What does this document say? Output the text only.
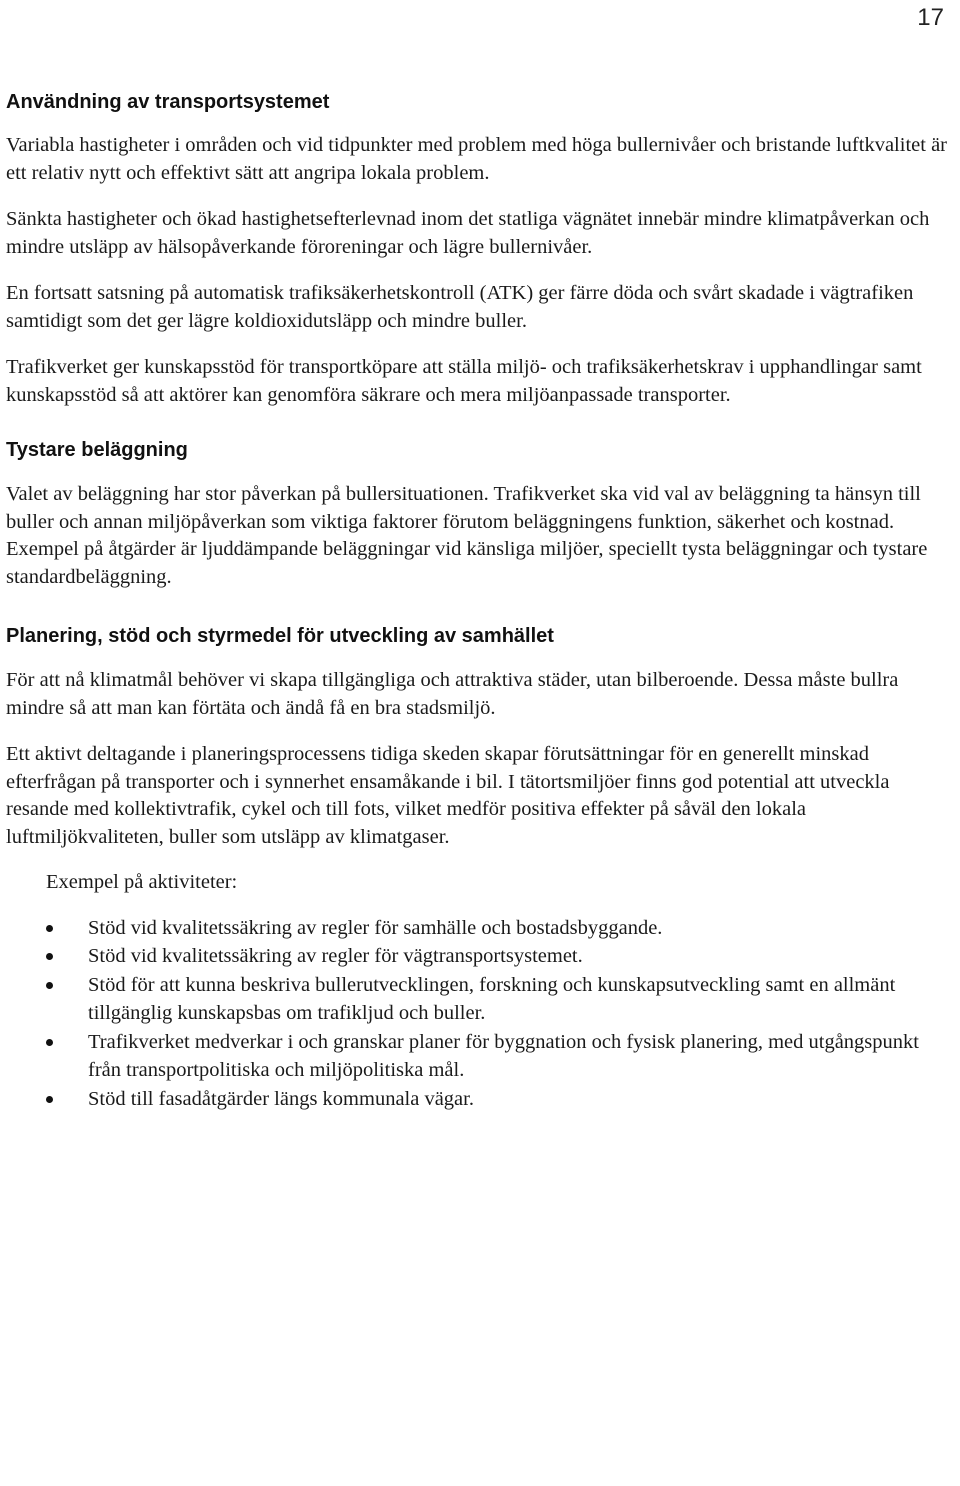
17
Användning av transportsystemet

Variabla hastigheter i områden och vid tidpunkter med problem med höga bullernivåer och bristande luftkvalitet är ett relativ nytt och effektivt sätt att angripa lokala problem.

Sänkta hastigheter och ökad hastighetsefterlevnad inom det statliga vägnätet innebär mindre klimatpåverkan och mindre utsläpp av hälsopåverkande föroreningar och lägre bullernivåer.

En fortsatt satsning på automatisk trafiksäkerhetskontroll (ATK) ger färre döda och svårt skadade i vägtrafiken samtidigt som det ger lägre koldioxidutsläpp och mindre buller.

Trafikverket ger kunskapsstöd för transportköpare att ställa miljö- och trafiksäkerhetskrav i upphandlingar samt kunskapsstöd så att aktörer kan genomföra säkrare och mera miljöanpassade transporter.

Tystare beläggning

Valet av beläggning har stor påverkan på bullersituationen. Trafikverket ska vid val av beläggning ta hänsyn till buller och annan miljöpåverkan som viktiga faktorer förutom beläggningens funktion, säkerhet och kostnad. Exempel på åtgärder är ljuddämpande beläggningar vid känsliga miljöer, speciellt tysta beläggningar och tystare standardbeläggning.

Planering, stöd och styrmedel för utveckling av samhället

För att nå klimatmål behöver vi skapa tillgängliga och attraktiva städer, utan bilberoende. Dessa måste bullra mindre så att man kan förtäta och ändå få en bra stadsmiljö.

Ett aktivt deltagande i planeringsprocessens tidiga skeden skapar förutsättningar för en generellt minskad efterfrågan på transporter och i synnerhet ensamåkande i bil. I tätortsmiljöer finns god potential att utveckla resande med kollektivtrafik, cykel och till fots, vilket medför positiva effekter på såväl den lokala luftmiljökvaliteten, buller som utsläpp av klimatgaser.

Exempel på aktiviteter:

Stöd vid kvalitetssäkring av regler för samhälle och bostadsbyggande.
Stöd vid kvalitetssäkring av regler för vägtransportsystemet.
Stöd för att kunna beskriva bullerutvecklingen, forskning och kunskapsutveckling samt en allmänt tillgänglig kunskapsbas om trafikljud och buller.
Trafikverket medverkar i och granskar planer för byggnation och fysisk planering, med utgångspunkt från transportpolitiska och miljöpolitiska mål.
Stöd till fasadåtgärder längs kommunala vägar.
